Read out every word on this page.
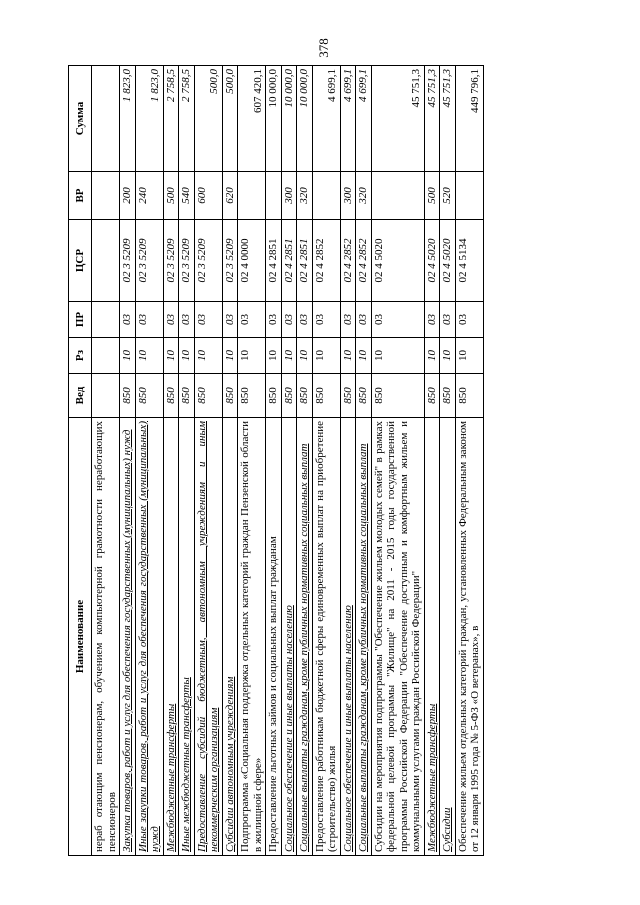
378
Наименование	Вед	Рз	ПР	ЦСР	ВР	Сумма
нераб отающим пенсионерам, обучением компьютерной грамотности неработающих пенсионеров						
Закупка товаров, работ и услуг для обеспечения государственных (муниципальных) нужд	850	10	03	02 3 5209	200	1 823,0
Иные закупки товаров, работ и услуг для обеспечения государственных (муниципальных) нужд	850	10	03	02 3 5209	240	1 823,0
Межбюджетные трансферты	850	10	03	02 3 5209	500	2 758,5
Иные межбюджетные трансферты	850	10	03	02 3 5209	540	2 758,5
Предоставление субсидий бюджетным, автономным учреждениям и иным некоммерческим организациям	850	10	03	02 3 5209	600	500,0
Субсидии автономным учреждениям	850	10	03	02 3 5209	620	500,0
Подпрограмма «Социальная поддержка отдельных категорий граждан Пензенской области в жилищной сфере»	850	10	03	02 4 0000		607 420,1
Предоставление льготных займов и социальных выплат гражданам	850	10	03	02 4 2851		10 000,0
Социальное обеспечение и иные выплаты населению	850	10	03	02 4 2851	300	10 000,0
Социальные выплаты гражданам, кроме публичных нормативных социальных выплат	850	10	03	02 4 2851	320	10 000,0
Предоставление работникам бюджетной сферы единовременных выплат на приобретение (строительство) жилья	850	10	03	02 4 2852		4 699,1
Социальное обеспечение и иные выплаты населению	850	10	03	02 4 2852	300	4 699,1
Социальные выплаты гражданам, кроме публичных нормативных социальных выплат	850	10	03	02 4 2852	320	4 699,1
Субсидии на мероприятия подпрограммы "Обеспечение жильем молодых семей" в рамках федеральной целевой программы "Жилище" на 2011 - 2015 годы государственной программы Российской Федерации "Обеспечение доступным и комфортным жильем и коммунальными услугами граждан Российской Федерации"	850	10	03	02 4 5020		45 751,3
Межбюджетные трансферты	850	10	03	02 4 5020	500	45 751,3
Субсидии	850	10	03	02 4 5020	520	45 751,3
Обеспечение жильем отдельных категорий граждан, установленных Федеральным законом от 12 января 1995 года № 5-ФЗ «О ветеранах», в	850	10	03	02 4 5134		449 796,1
